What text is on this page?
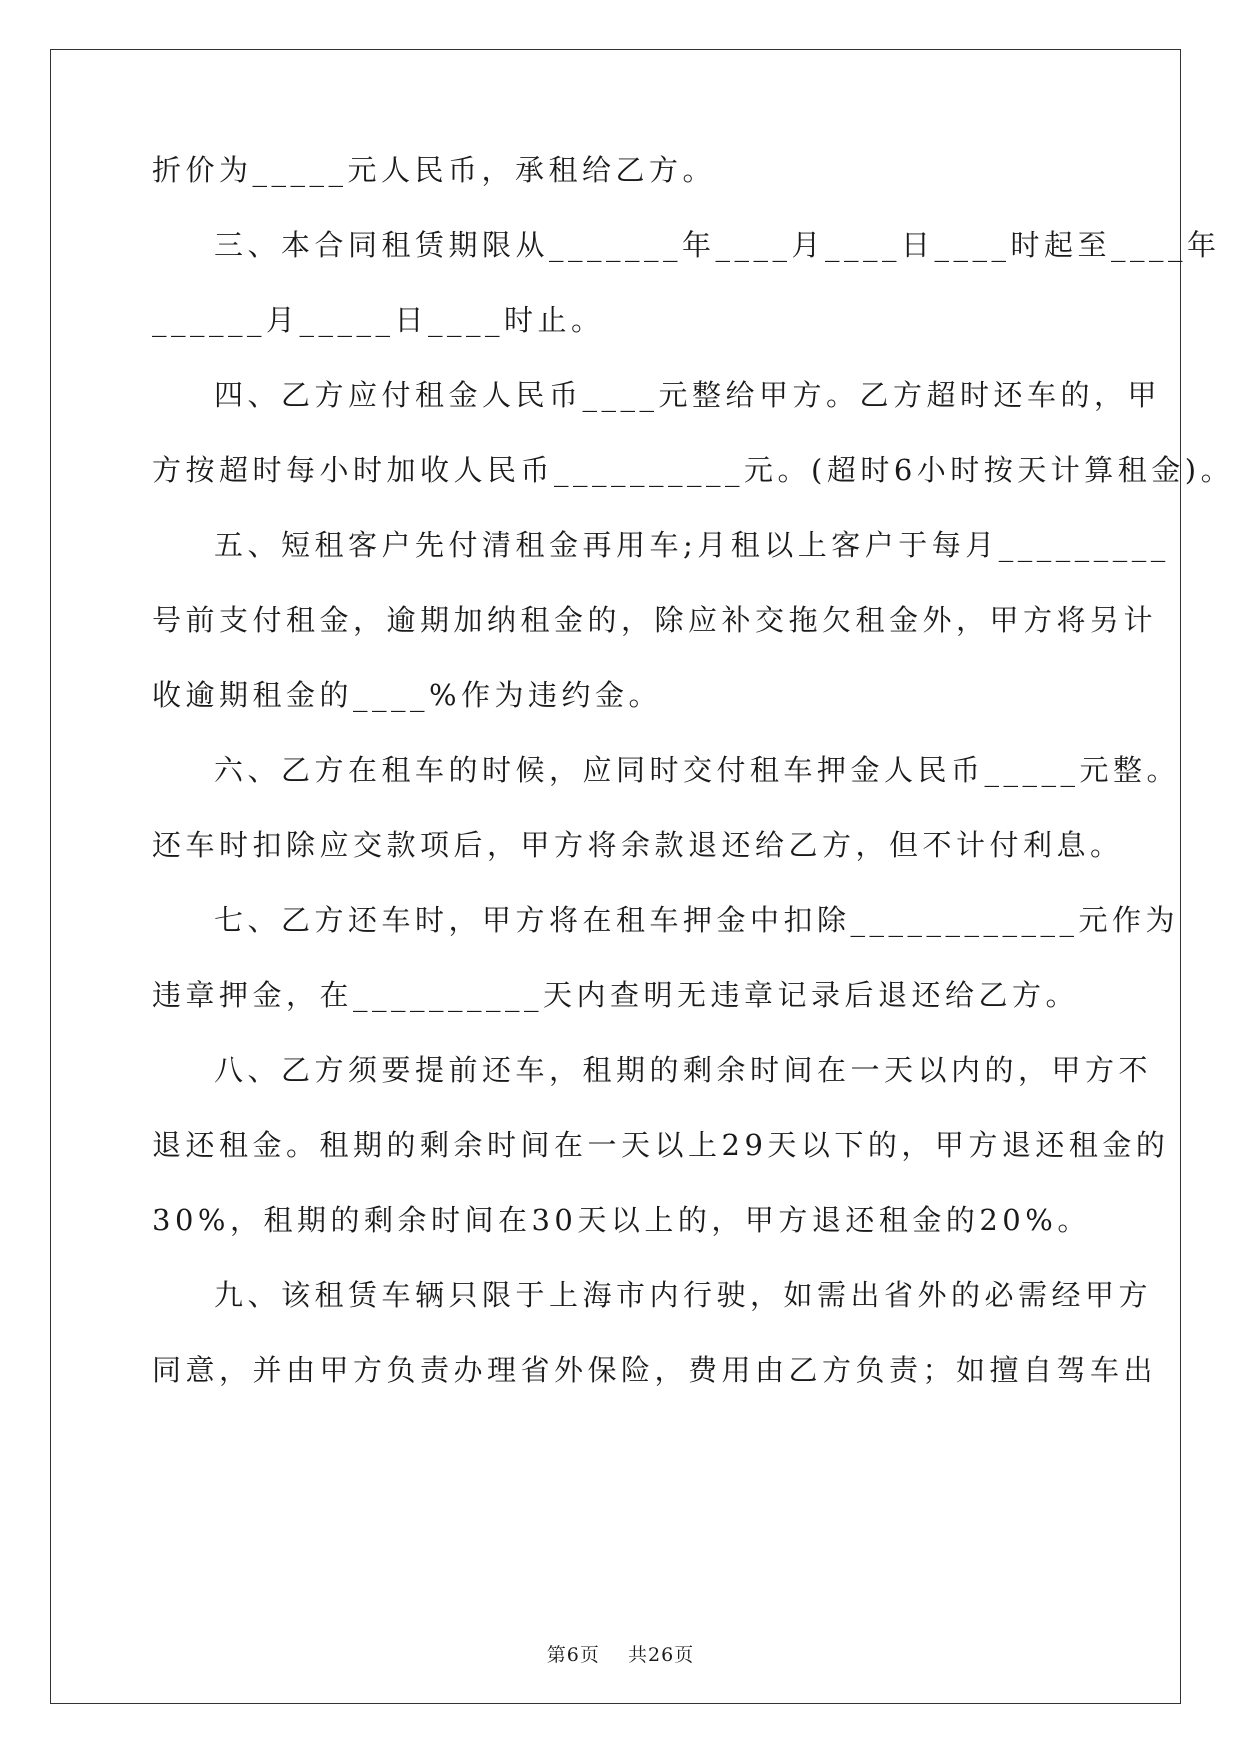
折价为_____元人民币，承租给乙方。
三、本合同租赁期限从_______年____月____日____时起至____年
______月_____日____时止。
四、乙方应付租金人民币____元整给甲方。乙方超时还车的，甲
方按超时每小时加收人民币__________元。(超时6小时按天计算租金)。
五、短租客户先付清租金再用车;月租以上客户于每月_________
号前支付租金，逾期加纳租金的，除应补交拖欠租金外，甲方将另计
收逾期租金的____%作为违约金。
六、乙方在租车的时候，应同时交付租车押金人民币_____元整。
还车时扣除应交款项后，甲方将余款退还给乙方，但不计付利息。
七、乙方还车时，甲方将在租车押金中扣除____________元作为
违章押金，在__________天内查明无违章记录后退还给乙方。
八、乙方须要提前还车，租期的剩余时间在一天以内的，甲方不
退还租金。租期的剩余时间在一天以上29天以下的，甲方退还租金的
30%，租期的剩余时间在30天以上的，甲方退还租金的20%。
九、该租赁车辆只限于上海市内行驶，如需出省外的必需经甲方
同意，并由甲方负责办理省外保险，费用由乙方负责；如擅自驾车出
第6页    共26页
